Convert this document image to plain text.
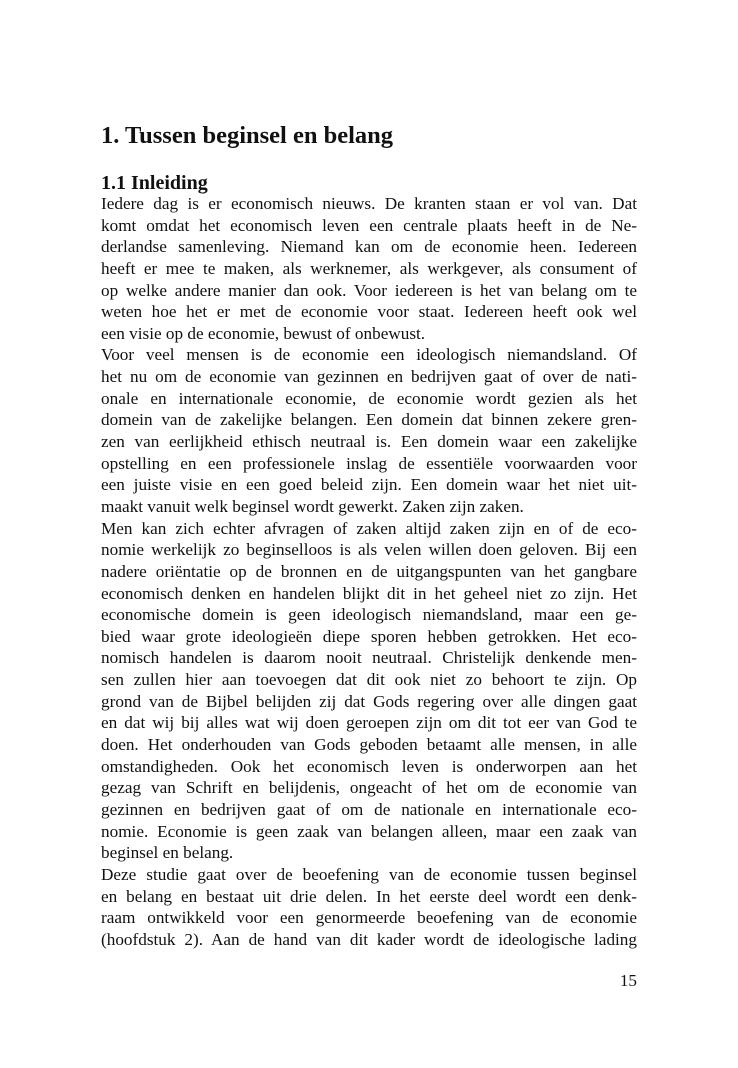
1. Tussen beginsel en belang
1.1 Inleiding
Iedere dag is er economisch nieuws. De kranten staan er vol van. Dat
komt omdat het economisch leven een centrale plaats heeft in de Ne-
derlandse samenleving. Niemand kan om de economie heen. Iedereen
heeft er mee te maken, als werknemer, als werkgever, als consument of
op welke andere manier dan ook. Voor iedereen is het van belang om te
weten hoe het er met de economie voor staat. Iedereen heeft ook wel
een visie op de economie, bewust of onbewust.
Voor veel mensen is de economie een ideologisch niemandsland. Of
het nu om de economie van gezinnen en bedrijven gaat of over de nati-
onale en internationale economie, de economie wordt gezien als het
domein van de zakelijke belangen. Een domein dat binnen zekere gren-
zen van eerlijkheid ethisch neutraal is. Een domein waar een zakelijke
opstelling en een professionele inslag de essentiële voorwaarden voor
een juiste visie en een goed beleid zijn. Een domein waar het niet uit-
maakt vanuit welk beginsel wordt gewerkt. Zaken zijn zaken.
Men kan zich echter afvragen of zaken altijd zaken zijn en of de eco-
nomie werkelijk zo beginselloos is als velen willen doen geloven. Bij een
nadere oriëntatie op de bronnen en de uitgangspunten van het gangbare
economisch denken en handelen blijkt dit in het geheel niet zo zijn. Het
economische domein is geen ideologisch niemandsland, maar een ge-
bied waar grote ideologieën diepe sporen hebben getrokken. Het eco-
nomisch handelen is daarom nooit neutraal. Christelijk denkende men-
sen zullen hier aan toevoegen dat dit ook niet zo behoort te zijn. Op
grond van de Bijbel belijden zij dat Gods regering over alle dingen gaat
en dat wij bij alles wat wij doen geroepen zijn om dit tot eer van God te
doen. Het onderhouden van Gods geboden betaamt alle mensen, in alle
omstandigheden. Ook het economisch leven is onderworpen aan het
gezag van Schrift en belijdenis, ongeacht of het om de economie van
gezinnen en bedrijven gaat of om de nationale en internationale eco-
nomie. Economie is geen zaak van belangen alleen, maar een zaak van
beginsel en belang.
Deze studie gaat over de beoefening van de economie tussen beginsel
en belang en bestaat uit drie delen. In het eerste deel wordt een denk-
raam ontwikkeld voor een genormeerde beoefening van de economie
(hoofdstuk 2). Aan de hand van dit kader wordt de ideologische lading
15
